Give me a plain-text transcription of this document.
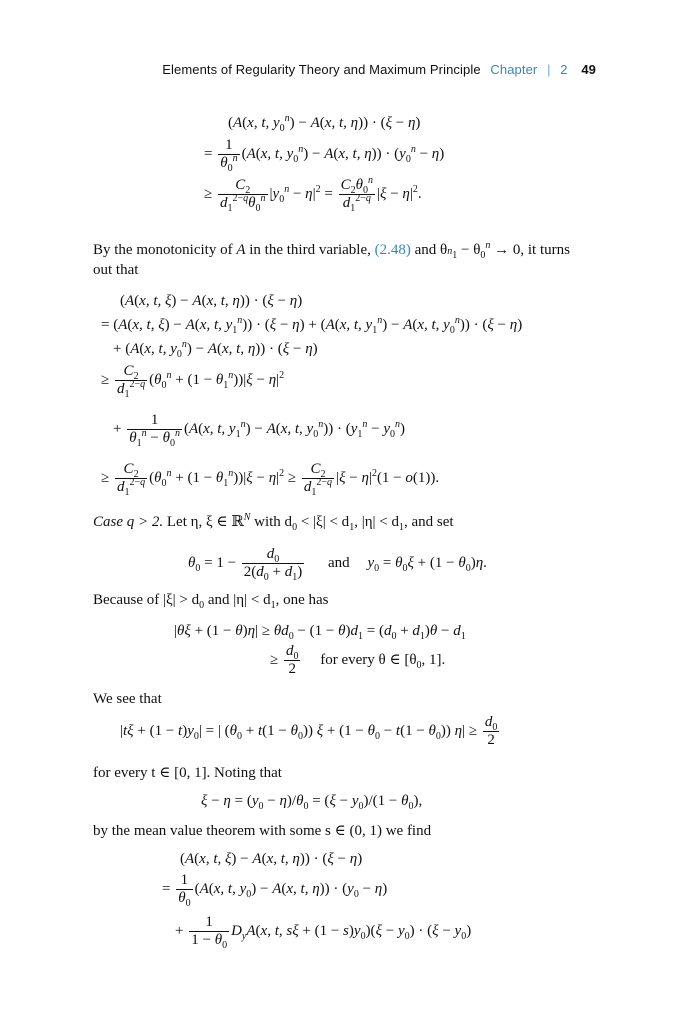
Elements of Regularity Theory and Maximum Principle Chapter | 2 49
(A(x, t, $y_0^n) - A(x$, t, η)) · (ξ − η)
= $\frac{1}{\theta_0^n} (A(x$, t, $y_0^n) - A(x$, t, $\eta)) \cdot (y_0^n - \eta)$
≥ $\frac{C_2}{d_1^{2-q}\theta_0^n} |y_0^n - \eta|^2 = \frac{C_2\theta_0^n}{d_1^{2-q}} |\xi - \eta|^2$.
By the monotonicity of A in the third variable, (2.48) and $\theta_{^n1} - \theta_0^n \to 0$, it turns
out that
(A(x, t, ξ) − A(x, t, η)) · (ξ − η)
= (A(x, t, ξ) − A(x, t, $y_1^n)) \cdot (\xi - \eta) + (A(x$, t, $y_1^n) - A(x$, t, $y_0^n)) \cdot (\xi - \eta)$
+ (A(x, t, $y_0^n) - A(x$, t, η)) · (ξ − η)
≥ $\frac{C_2}{d_1^{2-q}} (\theta_0^n + (1 - \theta_1^n))|\xi - \eta|^2$
+ $\frac{1}{\theta_1^n - \theta_0^n} (A(x$, t, $y_1^n) - A(x$, t, $y_0^n)) \cdot (y_1^n - y_0^n)$
≥ $\frac{C_2}{d_1^{2-q}} (\theta_0^n + (1 - \theta_1^n))|\xi - \eta|^2 \ge \frac{C_2}{d_1^{2-q}} |\xi - \eta|^2(1 - o(1))$.
Case q > 2. Let η, ξ ∈ ℝ$^N$ with $d_0 < |\xi| < d_1$, $|\eta| < d_1$, and set
$\theta_0 = 1 - \frac{d_0}{2(d_0 + d_1)}$ and $y_0 = \theta_0\xi + (1 - \theta_0)\eta$.
Because of $|\xi| > d_0$ and $|\eta| < d_1$, one has
$|\theta\xi + (1 - \theta)\eta| \ge \theta d_0 - (1 - \theta)d_1 = (d_0 + d_1)\theta - d_1$
≥ $\frac{d_0}{2}$ for every θ ∈ [$\theta_0$, 1].
We see that
$|t\xi + (1 - t)y_0|$ = | $(\theta_0 + t(1 - \theta_0)) \xi + (1 - \theta_0 - t(1 - \theta_0)) \eta| \ge \frac{d_0}{2}$
for every t ∈ [0, 1]. Noting that
$\xi - \eta = (y_0 - \eta)/\theta_0 = (\xi - y_0)/(1 - \theta_0)$,
by the mean value theorem with some s ∈ (0, 1) we find
(A(x, t, ξ) − A(x, t, η)) · (ξ − η)
= $\frac{1}{\theta_0} (A(x$, t, $y_0) - A(x$, t, $\eta)) \cdot (y_0 - \eta)$
+ $\frac{1}{1 - \theta_0} D_yA(x$, t, $s\xi + (1 - s)y_0)(\xi - y_0) \cdot (\xi - y_0)$
